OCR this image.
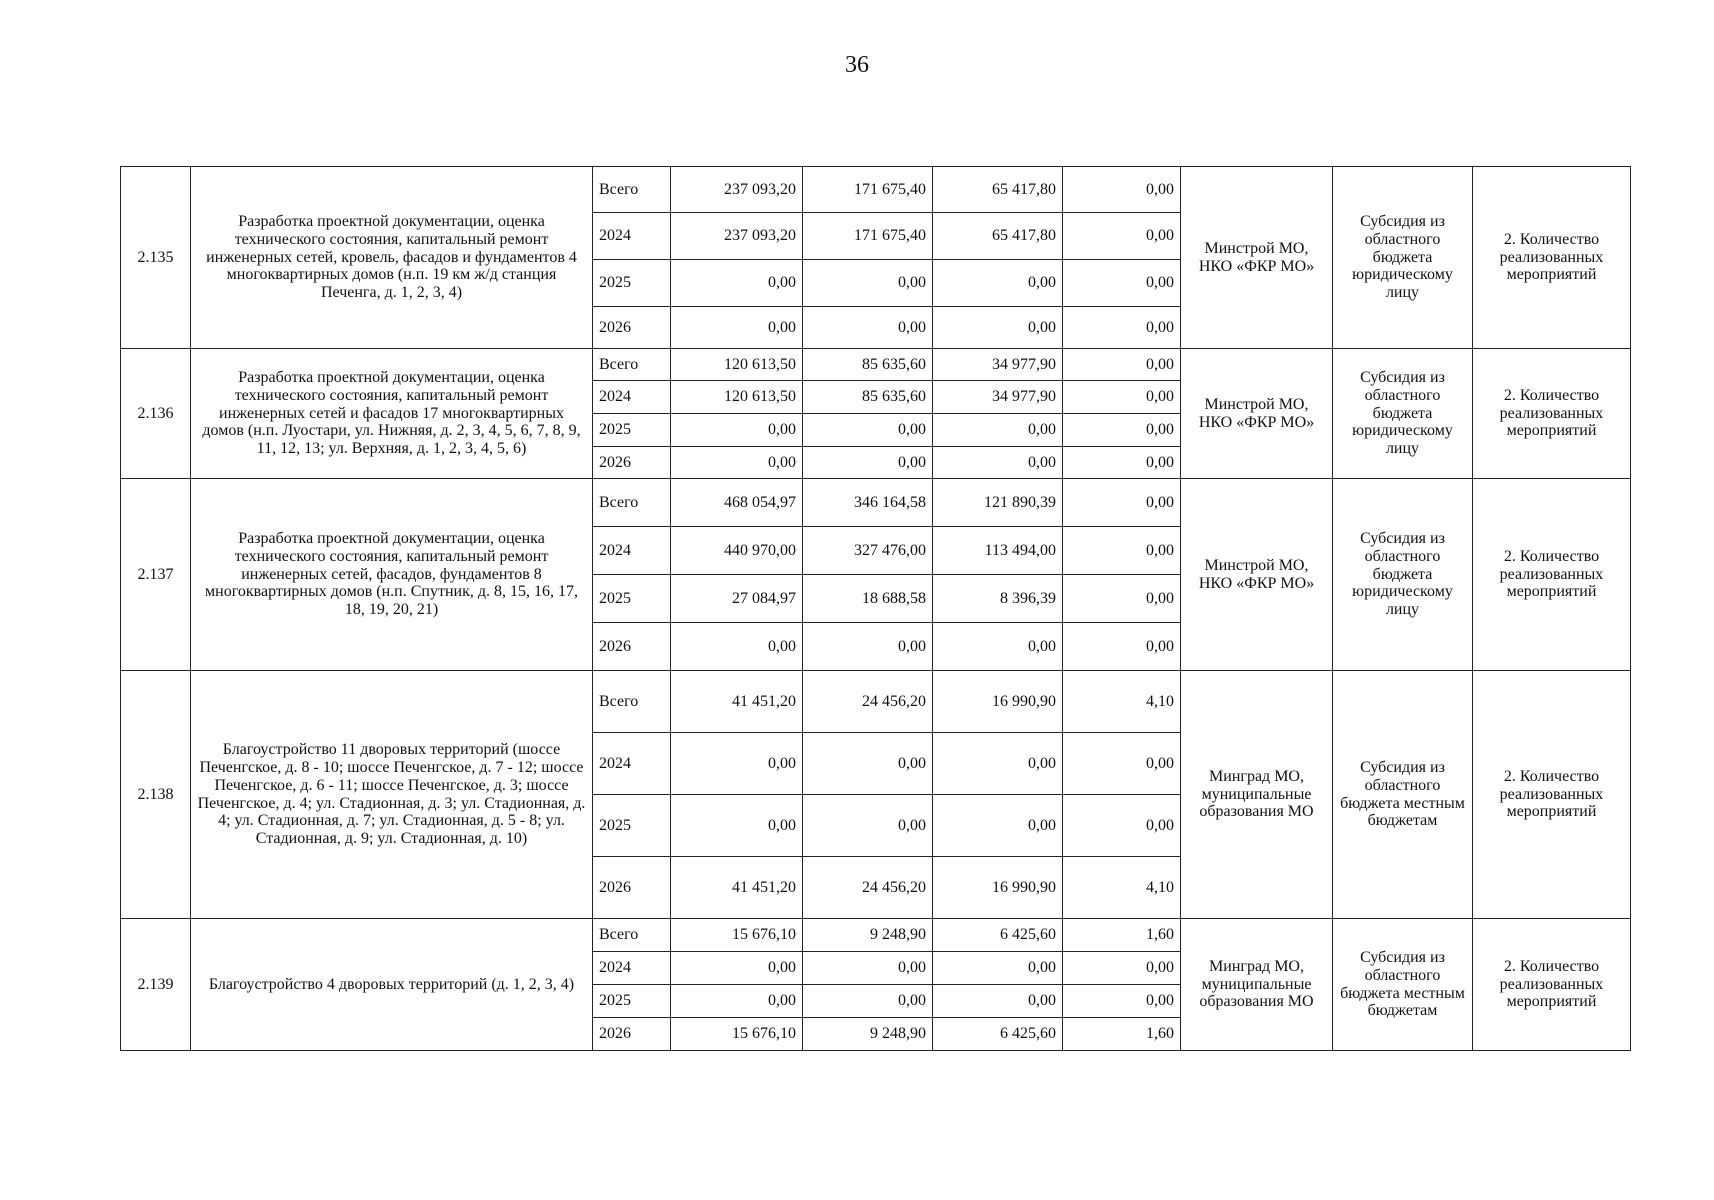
36
2.135	Разработка проектной документации, оценка технического состояния, капитальный ремонт инженерных сетей, кровель, фасадов и фундаментов 4 многоквартирных домов (н.п. 19 км ж/д станция Печенга, д. 1, 2, 3, 4)	Всего	237 093,20	171 675,40	65 417,80	0,00	Минстрой МО, НКО «ФКР МО»	Субсидия из областного бюджета юридическому лицу	2. Количество реализованных мероприятий
		2024	237 093,20	171 675,40	65 417,80	0,00			
		2025	0,00	0,00	0,00	0,00			
		2026	0,00	0,00	0,00	0,00			
2.136	Разработка проектной документации, оценка технического состояния, капитальный ремонт инженерных сетей и фасадов 17 многоквартирных домов (н.п. Луостари, ул. Нижняя, д. 2, 3, 4, 5, 6, 7, 8, 9, 11, 12, 13; ул. Верхняя, д. 1, 2, 3, 4, 5, 6)	Всего	120 613,50	85 635,60	34 977,90	0,00	Минстрой МО, НКО «ФКР МО»	Субсидия из областного бюджета юридическому лицу	2. Количество реализованных мероприятий
		2024	120 613,50	85 635,60	34 977,90	0,00			
		2025	0,00	0,00	0,00	0,00			
		2026	0,00	0,00	0,00	0,00			
2.137	Разработка проектной документации, оценка технического состояния, капитальный ремонт инженерных сетей, фасадов, фундаментов 8 многоквартирных домов (н.п. Спутник, д. 8, 15, 16, 17, 18, 19, 20, 21)	Всего	468 054,97	346 164,58	121 890,39	0,00	Минстрой МО, НКО «ФКР МО»	Субсидия из областного бюджета юридическому лицу	2. Количество реализованных мероприятий
		2024	440 970,00	327 476,00	113 494,00	0,00			
		2025	27 084,97	18 688,58	8 396,39	0,00			
		2026	0,00	0,00	0,00	0,00			
2.138	Благоустройство 11 дворовых территорий (шоссе Печенгское, д. 8 - 10; шоссе Печенгское, д. 7 - 12; шоссе Печенгское, д. 6 - 11; шоссе Печенгское, д. 3; шоссе Печенгское, д. 4; ул. Стадионная, д. 3; ул. Стадионная, д. 4; ул. Стадионная, д. 7; ул. Стадионная, д. 5 - 8; ул. Стадионная, д. 9; ул. Стадионная, д. 10)	Всего	41 451,20	24 456,20	16 990,90	4,10	Минград МО, муниципальные образования МО	Субсидия из областного бюджета местным бюджетам	2. Количество реализованных мероприятий
		2024	0,00	0,00	0,00	0,00			
		2025	0,00	0,00	0,00	0,00			
		2026	41 451,20	24 456,20	16 990,90	4,10			
2.139	Благоустройство 4 дворовых территорий (д. 1, 2, 3, 4)	Всего	15 676,10	9 248,90	6 425,60	1,60	Минград МО, муниципальные образования МО	Субсидия из областного бюджета местным бюджетам	2. Количество реализованных мероприятий
		2024	0,00	0,00	0,00	0,00			
		2025	0,00	0,00	0,00	0,00			
		2026	15 676,10	9 248,90	6 425,60	1,60			
